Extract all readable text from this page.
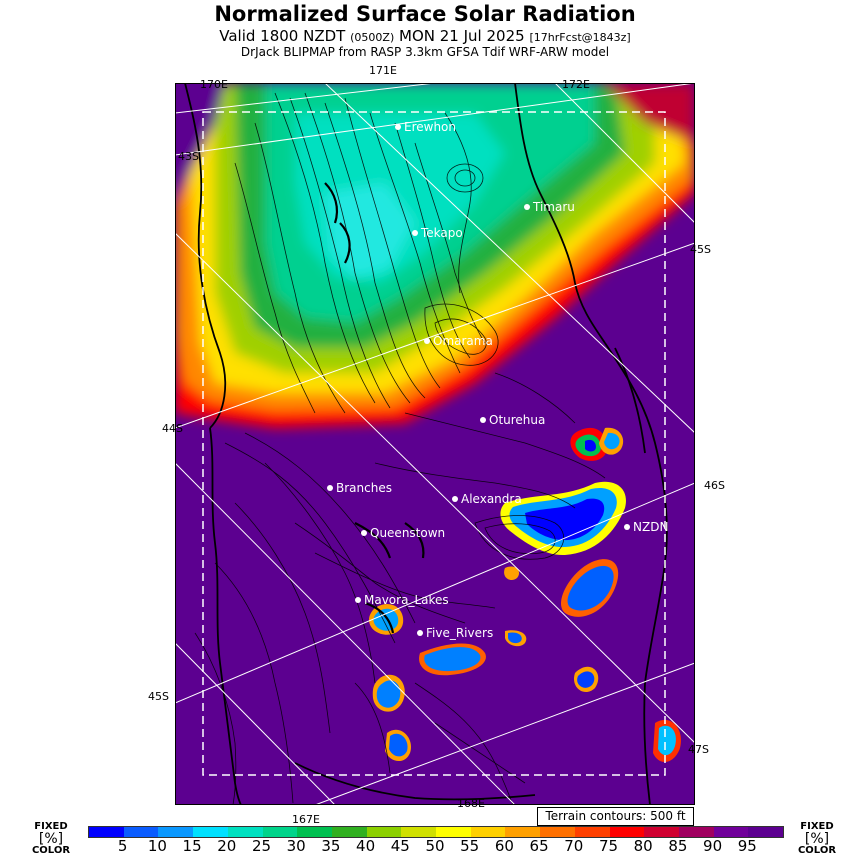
Normalized Surface Solar Radiation
Valid 1800 NZDT (0500Z) MON 21 Jul 2025 [17hrFcst@1843z]
DrJack BLIPMAP from RASP 3.3km GFSA Tdif WRF-ARW model
Erewhon
Timaru
Tekapo
Omarama
Oturehua
Branches
Alexandra
NZDN
Queenstown
Mavora_Lakes
Five_Rivers
171E
170E	172E
43S
44S
45S
45S
46S
47S
167E
168E
Terrain contours: 500 ft
FIXED
[%]
COLOR
FIXED
[%]
COLOR
5	10	15	20	25	30	35	40	45	50	55	60	65	70	75	80	85	90	95
